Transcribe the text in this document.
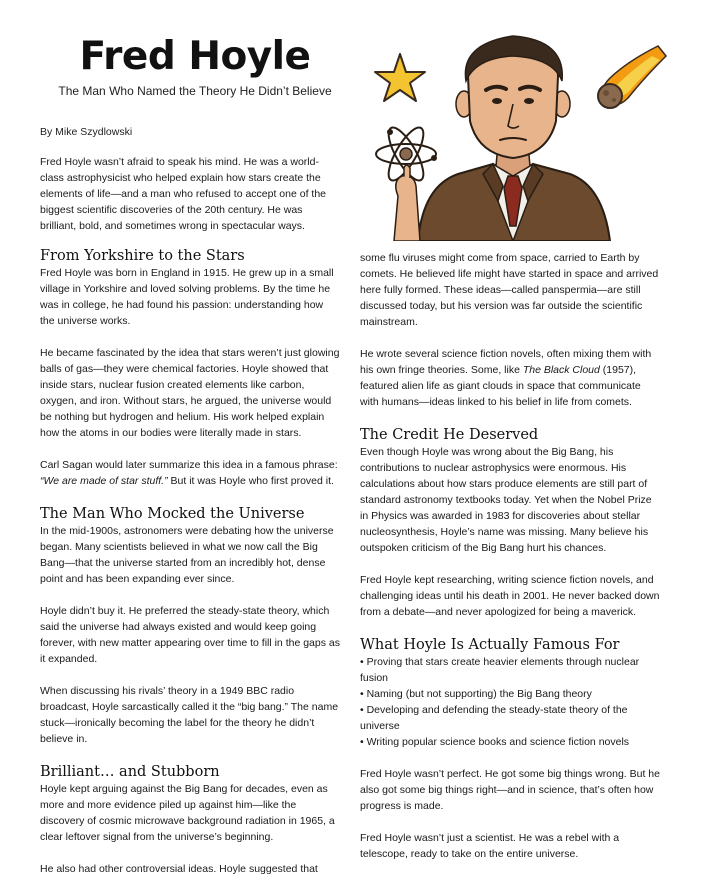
Fred Hoyle
The Man Who Named the Theory He Didn’t Believe
By Mike Szydlowski
Fred Hoyle wasn’t afraid to speak his mind. He was a world-class astrophysicist who helped explain how stars create the elements of life—and a man who refused to accept one of the biggest scientific discoveries of the 20th century. He was brilliant, bold, and sometimes wrong in spectacular ways.
From Yorkshire to the Stars

Fred Hoyle was born in England in 1915. He grew up in a small village in Yorkshire and loved solving problems. By the time he was in college, he had found his passion: understanding how the universe works.

He became fascinated by the idea that stars weren’t just glowing balls of gas—they were chemical factories. Hoyle showed that inside stars, nuclear fusion created elements like carbon, oxygen, and iron. Without stars, he argued, the universe would be nothing but hydrogen and helium. His work helped explain how the atoms in our bodies were literally made in stars.

Carl Sagan would later summarize this idea in a famous phrase: “We are made of star stuff.” But it was Hoyle who first proved it.

The Man Who Mocked the Universe

In the mid-1900s, astronomers were debating how the universe began. Many scientists believed in what we now call the Big Bang—that the universe started from an incredibly hot, dense point and has been expanding ever since.

Hoyle didn’t buy it. He preferred the steady-state theory, which said the universe had always existed and would keep going forever, with new matter appearing over time to fill in the gaps as it expanded.

When discussing his rivals’ theory in a 1949 BBC radio broadcast, Hoyle sarcastically called it the “big bang.” The name stuck—ironically becoming the label for the theory he didn’t believe in.

Brilliant… and Stubborn

Hoyle kept arguing against the Big Bang for decades, even as more and more evidence piled up against him—like the discovery of cosmic microwave background radiation in 1965, a clear leftover signal from the universe’s beginning.

He also had other controversial ideas. Hoyle suggested that

some flu viruses might come from space, carried to Earth by comets. He believed life might have started in space and arrived here fully formed. These ideas—called panspermia—are still discussed today, but his version was far outside the scientific mainstream.

He wrote several science fiction novels, often mixing them with his own fringe theories. Some, like The Black Cloud (1957), featured alien life as giant clouds in space that communicate with humans—ideas linked to his belief in life from comets.

The Credit He Deserved

Even though Hoyle was wrong about the Big Bang, his contributions to nuclear astrophysics were enormous. His calculations about how stars produce elements are still part of standard astronomy textbooks today. Yet when the Nobel Prize in Physics was awarded in 1983 for discoveries about stellar nucleosynthesis, Hoyle’s name was missing. Many believe his outspoken criticism of the Big Bang hurt his chances.

Fred Hoyle kept researching, writing science fiction novels, and challenging ideas until his death in 2001. He never backed down from a debate—and never apologized for being a maverick.

What Hoyle Is Actually Famous For
• Proving that stars create heavier elements through nuclear fusion
• Naming (but not supporting) the Big Bang theory
• Developing and defending the steady-state theory of the universe
• Writing popular science books and science fiction novels

Fred Hoyle wasn’t perfect. He got some big things wrong. But he also got some big things right—and in science, that’s often how progress is made.

Fred Hoyle wasn’t just a scientist. He was a rebel with a telescope, ready to take on the entire universe.
